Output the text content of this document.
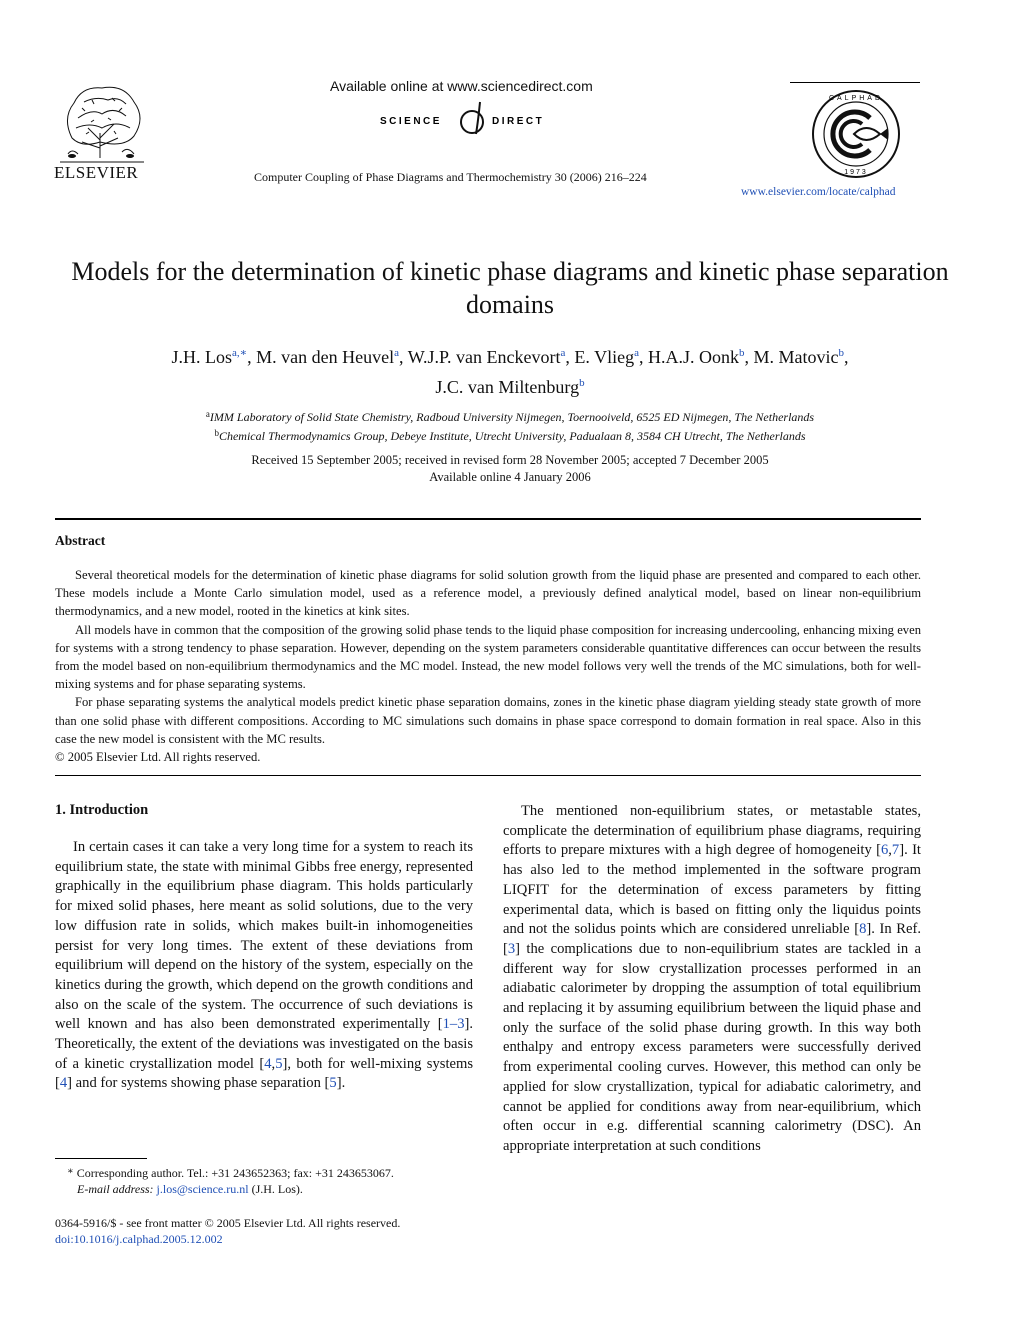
ELSEVIER
Available online at www.sciencedirect.com
SCIENCE	DIRECT
Computer Coupling of Phase Diagrams and Thermochemistry 30 (2006) 216–224
CALPHAD
1973
www.elsevier.com/locate/calphad
Models for the determination of kinetic phase diagrams and kinetic phase separation domains
J.H. Los$^{a,∗}$, M. van den Heuvel$^a$, W.J.P. van Enckevort$^a$, E. Vlieg$^a$, H.A.J. Oonk$^b$, M. Matovic$^b$,
J.C. van Miltenburg$^b$
$^a$IMM Laboratory of Solid State Chemistry, Radboud University Nijmegen, Toernooiveld, 6525 ED Nijmegen, The Netherlands
$^b$Chemical Thermodynamics Group, Debeye Institute, Utrecht University, Padualaan 8, 3584 CH Utrecht, The Netherlands
Received 15 September 2005; received in revised form 28 November 2005; accepted 7 December 2005
Available online 4 January 2006
Abstract

Several theoretical models for the determination of kinetic phase diagrams for solid solution growth from the liquid phase are presented and compared to each other. These models include a Monte Carlo simulation model, used as a reference model, a previously defined analytical model, based on linear non-equilibrium thermodynamics, and a new model, rooted in the kinetics at kink sites.

All models have in common that the composition of the growing solid phase tends to the liquid phase composition for increasing undercooling, enhancing mixing even for systems with a strong tendency to phase separation. However, depending on the system parameters considerable quantitative differences can occur between the results from the model based on non-equilibrium thermodynamics and the MC model. Instead, the new model follows very well the trends of the MC simulations, both for well-mixing systems and for phase separating systems.

For phase separating systems the analytical models predict kinetic phase separation domains, zones in the kinetic phase diagram yielding steady state growth of more than one solid phase with different compositions. According to MC simulations such domains in phase space correspond to domain formation in real space. Also in this case the new model is consistent with the MC results.

© 2005 Elsevier Ltd. All rights reserved.

1. Introduction
In certain cases it can take a very long time for a system to reach its equilibrium state, the state with minimal Gibbs free energy, represented graphically in the equilibrium phase diagram. This holds particularly for mixed solid phases, here meant as solid solutions, due to the very low diffusion rate in solids, which makes built-in inhomogeneities persist for very long times. The extent of these deviations from equilibrium will depend on the history of the system, especially on the kinetics during the growth, which depend on the growth conditions and also on the scale of the system. The occurrence of such deviations is well known and has also been demonstrated experimentally [1–3]. Theoretically, the extent of the deviations was investigated on the basis of a kinetic crystallization model [4,5], both for well-mixing systems [4] and for systems showing phase separation [5].
The mentioned non-equilibrium states, or metastable states, complicate the determination of equilibrium phase diagrams, requiring efforts to prepare mixtures with a high degree of homogeneity [6,7]. It has also led to the method implemented in the software program LIQFIT for the determination of excess parameters by fitting experimental data, which is based on fitting only the liquidus points and not the solidus points which are considered unreliable [8]. In Ref. [3] the complications due to non-equilibrium states are tackled in a different way for slow crystallization processes performed in an adiabatic calorimeter by dropping the assumption of total equilibrium and replacing it by assuming equilibrium between the liquid phase and only the surface of the solid phase during growth. In this way both enthalpy and entropy excess parameters were successfully derived from experimental cooling curves. However, this method can only be applied for slow crystallization, typical for adiabatic calorimetry, and cannot be applied for conditions away from near-equilibrium, which often occur in e.g. differential scanning calorimetry (DSC). An appropriate interpretation at such conditions
∗ Corresponding author. Tel.: +31 243652363; fax: +31 243653067.
E-mail address: j.los@science.ru.nl (J.H. Los).
0364-5916/$ - see front matter © 2005 Elsevier Ltd. All rights reserved.
doi:10.1016/j.calphad.2005.12.002
